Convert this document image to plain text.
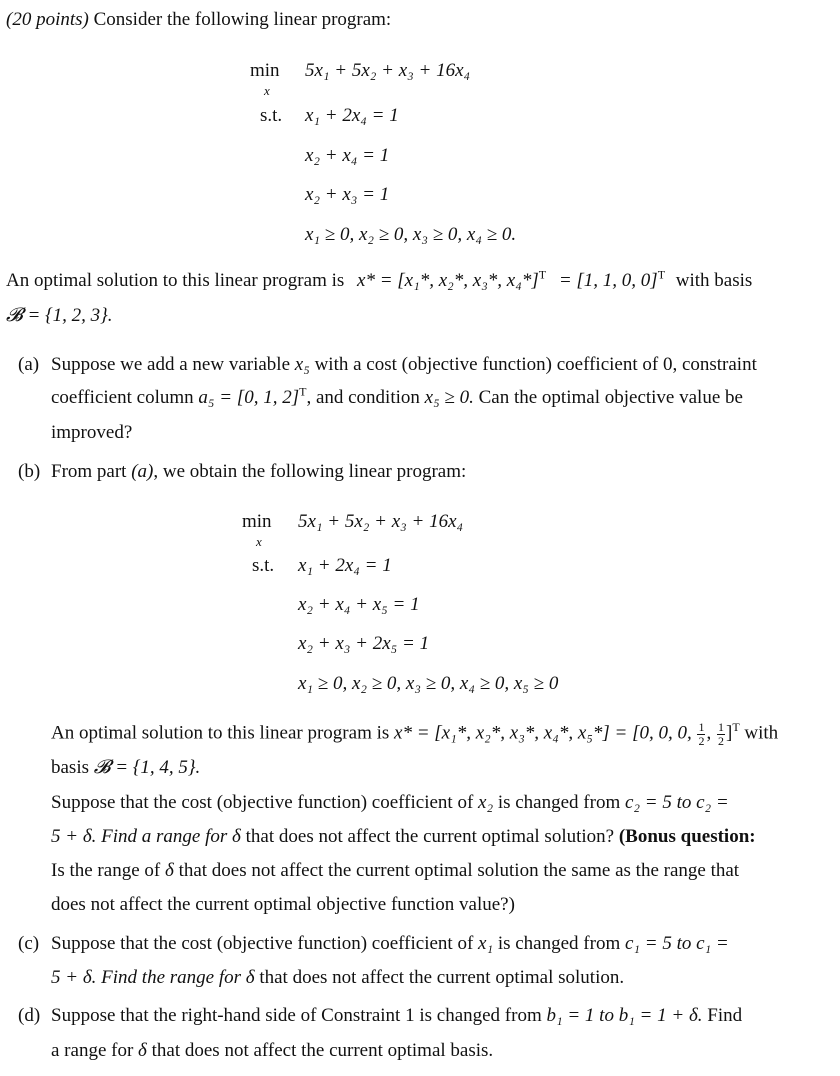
(20 points) Consider the following linear program:
min
x
5x₁ + 5x₂ + x₃ + 16x₄
s.t. x₁ + 2x₄ = 1
x₂ + x₄ = 1
x₂ + x₃ = 1
x₁ ≥ 0, x₂ ≥ 0, x₃ ≥ 0, x₄ ≥ 0.
An optimal solution to this linear program is x* = [x₁*, x₂*, x₃*, x₄*]$^T$ = [1, 1, 0, 0]$^T$ with basis
𝓑 = {1, 2, 3}.
(a) Suppose we add a new variable x₅ with a cost (objective function) coefficient of 0, constraint
coefficient column a₅ = [0, 1, 2]$^T$, and condition x₅ ≥ 0. Can the optimal objective value be
improved?
(b) From part (a), we obtain the following linear program:
min
x
5x₁ + 5x₂ + x₃ + 16x₄
s.t. x₁ + 2x₄ = 1
x₂ + x₄ + x₅ = 1
x₂ + x₃ + 2x₅ = 1
x₁ ≥ 0, x₂ ≥ 0, x₃ ≥ 0, x₄ ≥ 0, x₅ ≥ 0
An optimal solution to this linear program is x* = [x₁*, x₂*, x₃*, x₄*, x₅*] = [0, 0, 0, $\frac{1}{2}$ , $\frac{1}{2} ]^T$ with
basis 𝓑 = {1, 4, 5}.
Suppose that the cost (objective function) coefficient of x₂ is changed from c₂ = 5 to c₂ =
5 + δ. Find a range for δ that does not affect the current optimal solution? (Bonus question:
Is the range of δ that does not affect the current optimal solution the same as the range that
does not affect the current optimal objective function value?)
(c) Suppose that the cost (objective function) coefficient of x₁ is changed from c₁ = 5 to c₁ =
5 + δ. Find the range for δ that does not affect the current optimal solution.
(d) Suppose that the right-hand side of Constraint 1 is changed from b₁ = 1 to b₁ = 1 + δ. Find
a range for δ that does not affect the current optimal basis.
